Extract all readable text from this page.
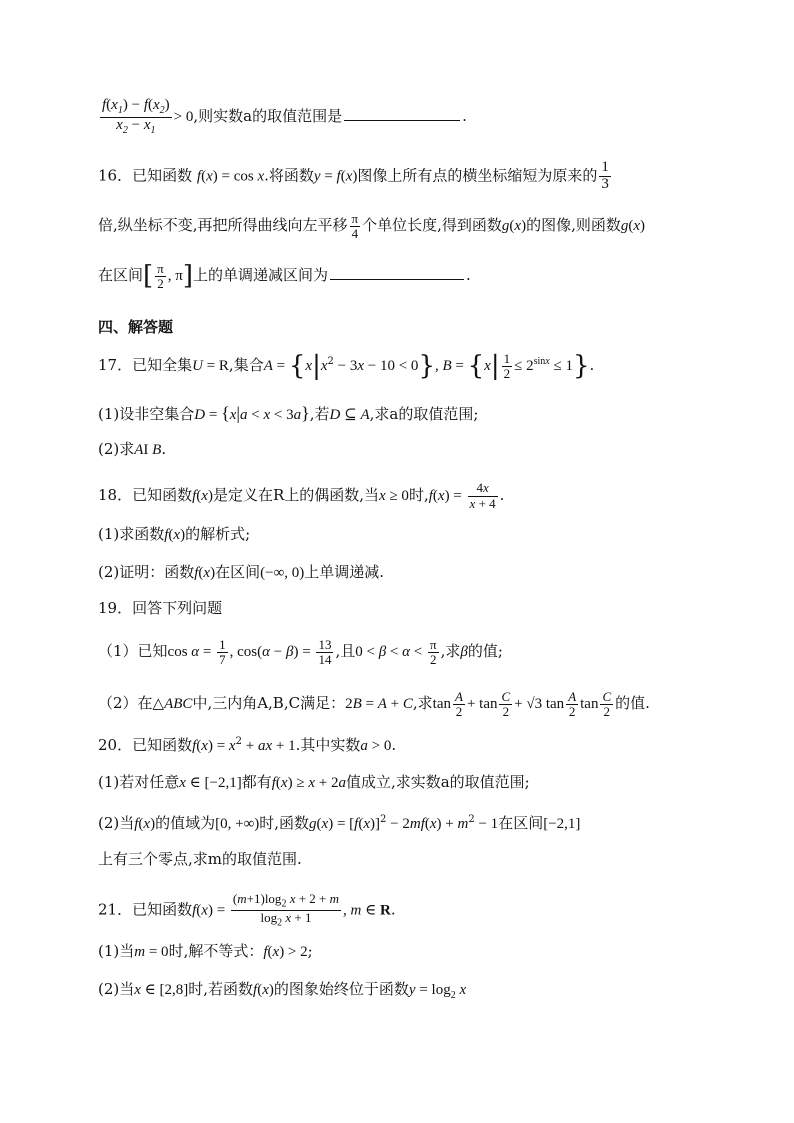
$\frac{f(x_1) - f(x_2)}{x_2 - x_1} > 0$,则实数a的取值范围是	.
16．已知函数 f(x) = cos x.将函数y = f(x)图像上所有点的横坐标缩短为原来的 $\frac{1}{3}$
倍,纵坐标不变,再把所得曲线向左平移 $\frac{\pi}{4}$ 个单位长度,得到函数g(x)的图像,则函数g(x)
在区间[ $\frac{\pi}{2}$ , π]上的单调递减区间为	.
四、解答题
17．已知全集U = R,集合$A = \{x|x^2 - 3x - 10 < 0\}$, $B = \{x| \frac{1}{2} \le 2^{sinx} \le 1\}$.
(1)设非空集合D = {x|a < x < 3a},若D ⊆ A,求a的取值范围;
(2)求AI B.
18．已知函数f(x)是定义在R上的偶函数,当x ≥ 0时$,f(x) = \frac{4x}{x + 4}$ .
(1)求函数f(x)的解析式;
(2)证明：函数f(x)在区间(−∞, 0)上单调递减.
19．回答下列问题
（1）已知$\cos \alpha = \frac{1}{7}$ , $\cos(\alpha - \beta) = \frac{13}{14}$ ,且$0 < \beta < \alpha < \frac{\pi}{2}$ ,求β的值;
（2）在△ABC中,三内角A,B,C满足：2B = A + C,求$\tan \frac{A}{2} + \tan \frac{C}{2} + √3$ $\tan \frac{A}{2}$ $\tan \frac{C}{2}$ 的值.
20．已知函数$f(x) = x^2$ + ax + 1.其中实数a > 0.
(1)若对任意x ∈ [−2,1]都有f(x) ≥ x + 2a值成立,求实数a的取值范围;
(2)当f(x)的值域为[0, +∞)时,函数$g(x) = [f(x)]^2 - 2mf(x) + m^2 - 1$在区间[−2,1]
上有三个零点,求m的取值范围.
21．已知函数$f(x) = \frac{(m+1)\log_2 x + 2 + m}{\log_2 x + 1}$ , m ∈ R.
(1)当m = 0时,解不等式：f(x) > 2;
(2)当x ∈ [2,8]时,若函数f(x)的图象始终位于函数$y = \log_2 x$
